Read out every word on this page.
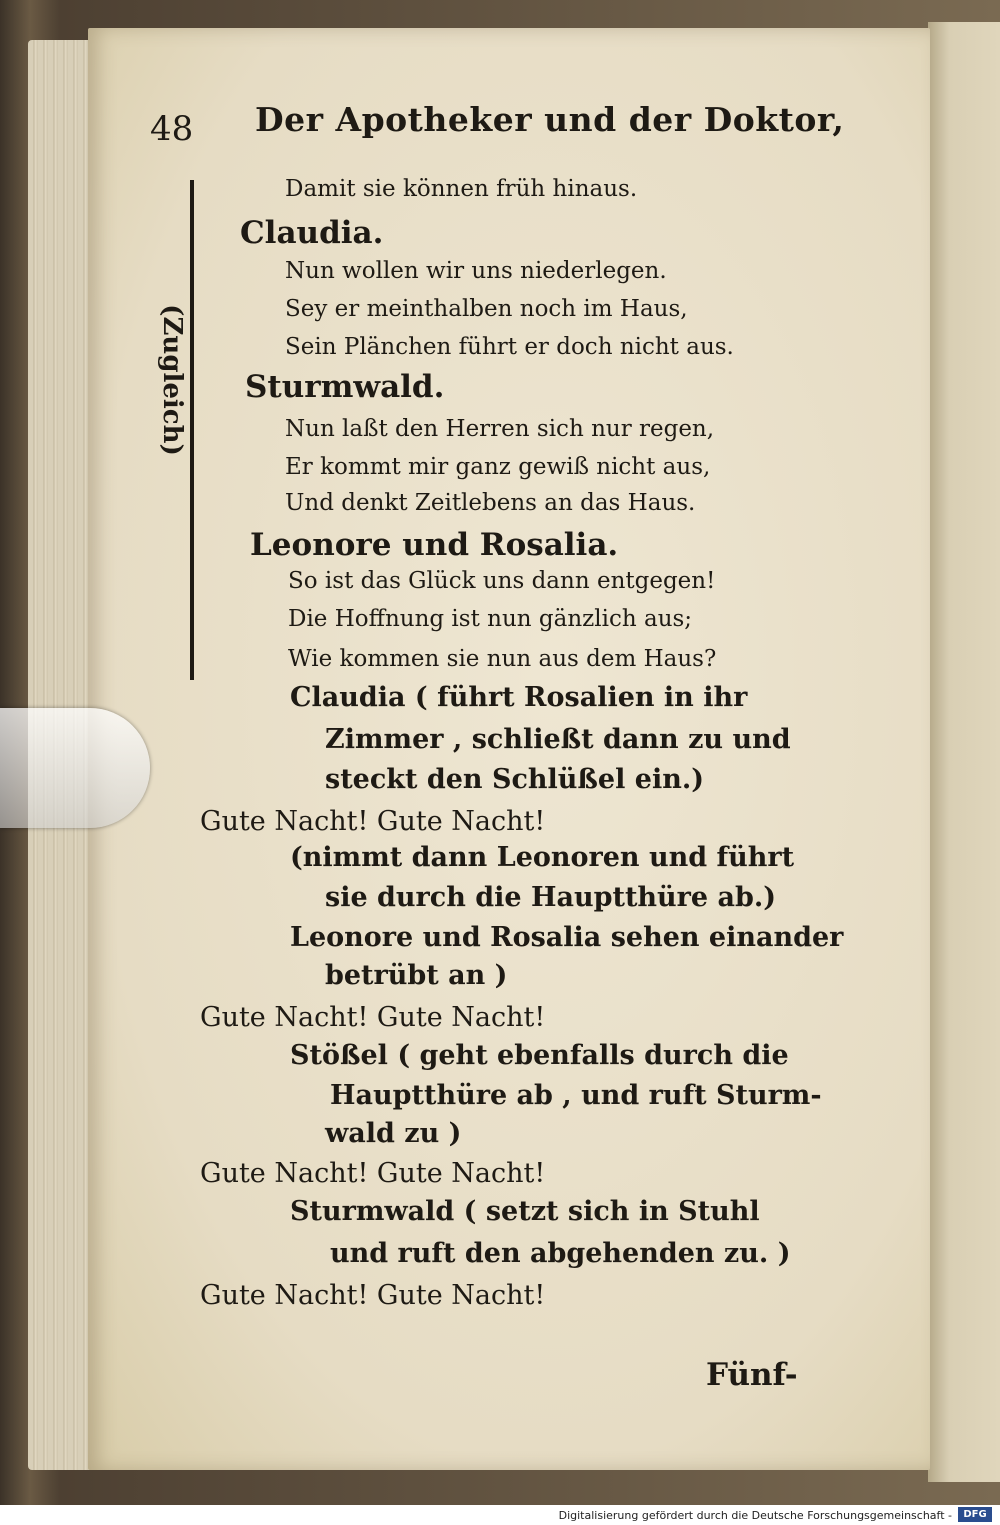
48 Der Apotheker und der Doktor,
(Zugleich)
Damit sie können früh hinaus.
Claudia.
Nun wollen wir uns niederlegen.
Sey er meinthalben noch im Haus,
Sein Plänchen führt er doch nicht aus.
Sturmwald.
Nun laßt den Herren sich nur regen,
Er kommt mir ganz gewiß nicht aus,
Und denkt Zeitlebens an das Haus.
Leonore und Rosalia.
So ist das Glück uns dann entgegen!
Die Hoffnung ist nun gänzlich aus;
Wie kommen sie nun aus dem Haus?
Claudia ( führt Rosalien in ihr
Zimmer , schließt dann zu und
steckt den Schlüßel ein.)
Gute Nacht! Gute Nacht!
(nimmt dann Leonoren und führt
sie durch die Hauptthüre ab.)
Leonore und Rosalia sehen einander
betrübt an )
Gute Nacht! Gute Nacht!
Stößel ( geht ebenfalls durch die
Hauptthüre ab , und ruft Sturm-
wald zu )
Gute Nacht! Gute Nacht!
Sturmwald ( setzt sich in Stuhl
und ruft den abgehenden zu. )
Gute Nacht! Gute Nacht!
Fünf-
Digitalisierung gefördert durch die Deutsche Forschungsgemeinschaft -	DFG
